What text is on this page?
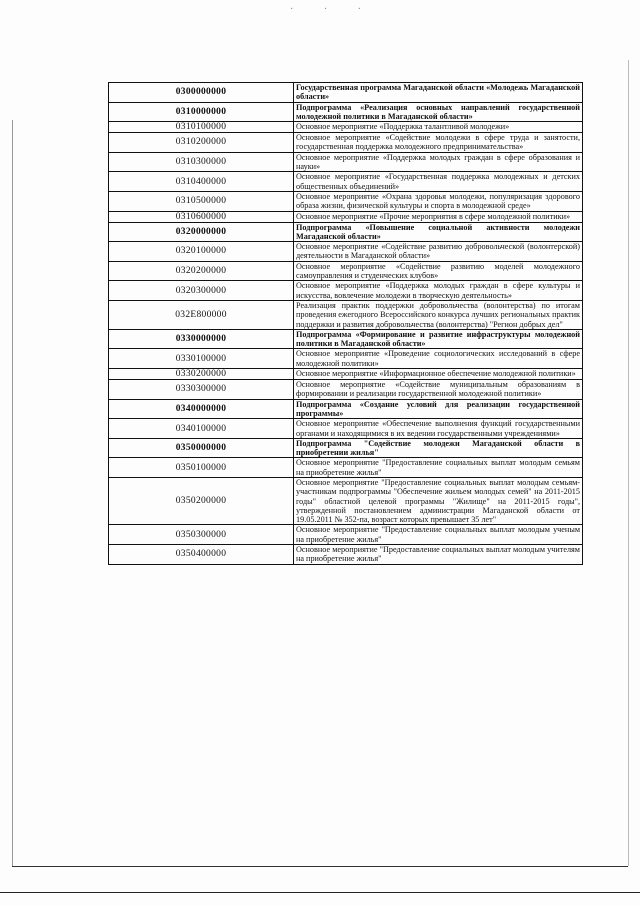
· · ·
0300000000	Государственная программа Магаданской области «Молодежь Магаданской области»
0310000000	Подпрограмма «Реализация основных направлений государственной молодежной политики в Магаданской области»
0310100000	Основное мероприятие «Поддержка талантливой молодежи»
0310200000	Основное мероприятие «Содействие молодежи в сфере труда и занятости, государственная поддержка молодежного предпринимательства»
0310300000	Основное мероприятие «Поддержка молодых граждан в сфере образования и науки»
0310400000	Основное мероприятие «Государственная поддержка молодежных и детских общественных объединений»
0310500000	Основное мероприятие «Охрана здоровья молодежи, популяризация здорового образа жизни, физической культуры и спорта в молодежной среде»
0310600000	Основное мероприятие «Прочие мероприятия в сфере молодежной политики»
0320000000	Подпрограмма «Повышение социальной активности молодежи Магаданской области»
0320100000	Основное мероприятие «Содействие развитию добровольческой (волонтерской) деятельности в Магаданской области»
0320200000	Основное мероприятие «Содействие развитию моделей молодежного самоуправления и студенческих клубов»
0320300000	Основное мероприятие «Поддержка молодых граждан в сфере культуры и искусства, вовлечение молодежи в творческую деятельность»
032E800000	Реализация практик поддержки добровольчества (волонтерства) по итогам проведения ежегодного Всероссийского конкурса лучших региональных практик поддержки и развития добровольчества (волонтерства) "Регион добрых дел"
0330000000	Подпрограмма «Формирование и развитие инфраструктуры молодежной политики в Магаданской области»
0330100000	Основное мероприятие «Проведение социологических исследований в сфере молодежной политики»
0330200000	Основное мероприятие «Информационное обеспечение молодежной политики»
0330300000	Основное мероприятие «Содействие муниципальным образованиям в формировании и реализации государственной молодежной политики»
0340000000	Подпрограмма «Создание условий для реализации государственной программы»
0340100000	Основное мероприятие «Обеспечение выполнения функций государственными органами и находящимися в их ведении государственными учреждениями»
0350000000	Подпрограмма "Содействие молодежи Магаданской области в приобретении жилья"
0350100000	Основное мероприятие "Предоставление социальных выплат молодым семьям на приобретение жилья"
0350200000	Основное мероприятие "Предоставление социальных выплат молодым семьям-участникам подпрограммы "Обеспечение жильем молодых семей" на 2011-2015 годы" областной целевой программы "Жилище" на 2011-2015 годы", утвержденной постановлением администрации Магаданской области от 19.05.2011 № 352-па, возраст которых превышает 35 лет"
0350300000	Основное мероприятие "Предоставление социальных выплат молодым ученым на приобретение жилья"
0350400000	Основное мероприятие "Предоставление социальных выплат молодым учителям на приобретение жилья"
